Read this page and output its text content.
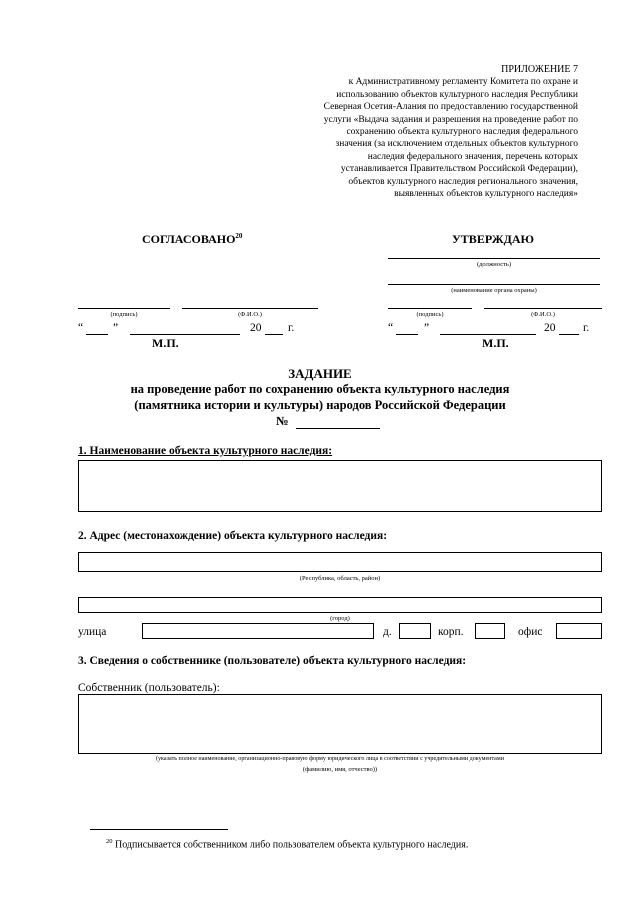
ПРИЛОЖЕНИЕ 7
к Административному регламенту Комитета по охране и
использованию объектов культурного наследия Республики
Северная Осетия-Алания по предоставлению государственной
услуги «Выдача задания и разрешения на проведение работ по
сохранению объекта культурного наследия федерального
значения (за исключением отдельных объектов культурного
наследия федерального значения, перечень которых
устанавливается Правительством Российской Федерации),
объектов культурного наследия регионального значения,
выявленных объектов культурного наследия»
СОГЛАСОВАНО$^{20}$
(подпись)	(Ф.И.О.)
“	”	20 г.
М.П.
УТВЕРЖДАЮ
(должность)
(наименование органа охраны)
(подпись)	(Ф.И.О.)
“	”	20 г.
М.П.
ЗАДАНИЕ
на проведение работ по сохранению объекта культурного наследия
(памятника истории и культуры) народов Российской Федерации
№
1. Наименование объекта культурного наследия:
2. Адрес (местонахождение) объекта культурного наследия:
(Республика, область, район)
(город)
улица	д.	корп.	офис
3. Сведения о собственнике (пользователе) объекта культурного наследия:
Собственник (пользователь):
(указать полное наименование, организационно-правовую форму юридического лица в соответствии с учредительными документами
(фамилию, имя, отчество))
$^{20}$ Подписывается собственником либо пользователем объекта культурного наследия.
